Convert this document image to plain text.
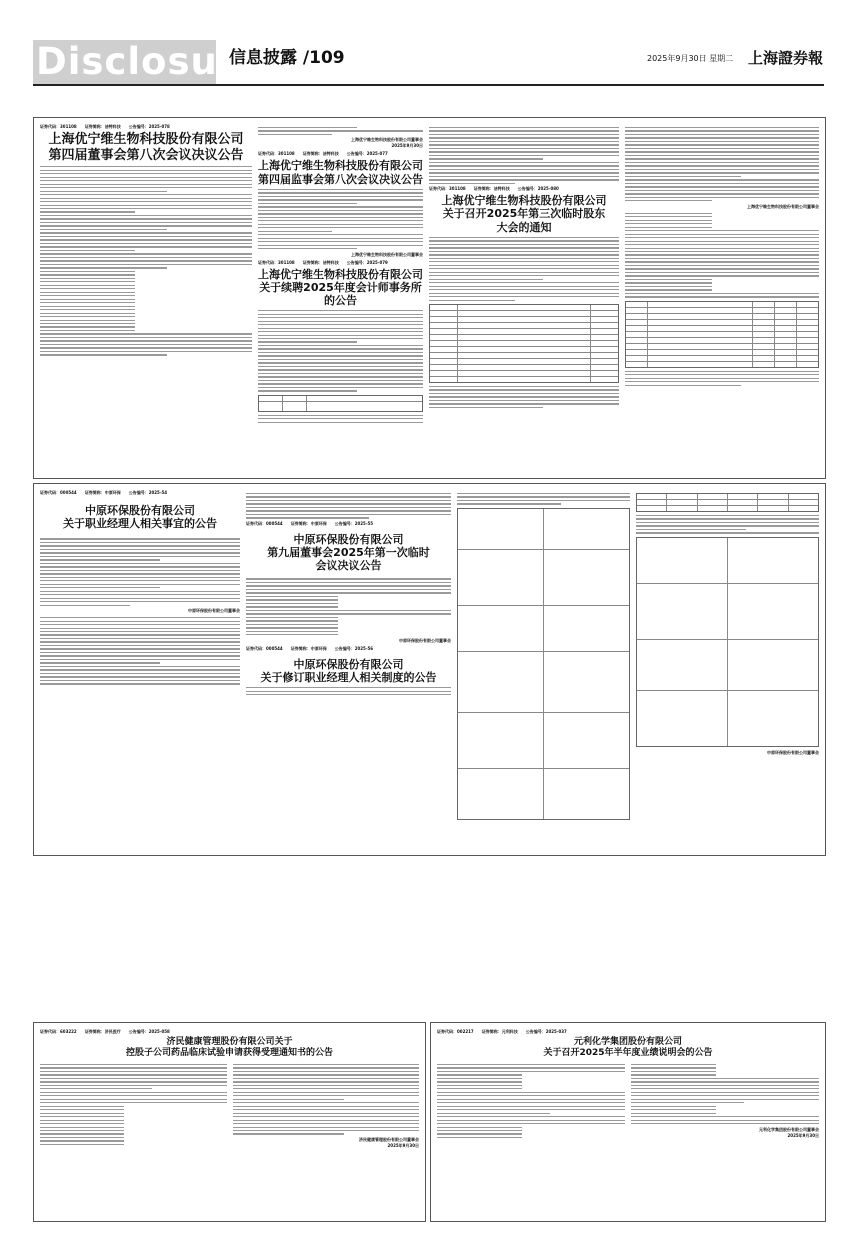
Disclosure
信息披露 /109	2025年9月30日 星期二 上海證券報
证券代码：301108　　证券简称：洁特科技　　公告编号：2025-078
上海优宁维生物科技股份有限公司
第四届董事会第八次会议决议公告
上海优宁维生物科技股份有限公司董事会
2025年9月30日
证券代码：301108　　证券简称：洁特科技　　公告编号：2025-077
上海优宁维生物科技股份有限公司
第四届监事会第八次会议决议公告
上海优宁维生物科技股份有限公司董事会
证券代码：301108　　证券简称：洁特科技　　公告编号：2025-079
上海优宁维生物科技股份有限公司
关于续聘2025年度会计师事务所的公告
证券代码：301108　　证券简称：洁特科技　　公告编号：2025-080
上海优宁维生物科技股份有限公司
关于召开2025年第三次临时股东
大会的通知
上海优宁维生物科技股份有限公司董事会
证券代码：000544　　证券简称：中原环保　　公告编号：2025-54
中原环保股份有限公司
关于职业经理人相关事宜的公告
中原环保股份有限公司董事会
证券代码：000544　　证券简称：中原环保　　公告编号：2025-55
中原环保股份有限公司
第九届董事会2025年第一次临时
会议决议公告
中原环保股份有限公司董事会
证券代码：000544　　证券简称：中原环保　　公告编号：2025-56
中原环保股份有限公司
关于修订职业经理人相关制度的公告
中原环保股份有限公司董事会
证券代码：603222　　证券简称：济民医疗　　公告编号：2025-058
济民健康管理股份有限公司关于
控股子公司药品临床试验申请获得受理通知书的公告
济民健康管理股份有限公司董事会
2025年9月30日
证券代码：002217　　证券简称：元利科技　　公告编号：2025-037
元利化学集团股份有限公司
关于召开2025年半年度业绩说明会的公告
元利化学集团股份有限公司董事会
2025年9月30日
